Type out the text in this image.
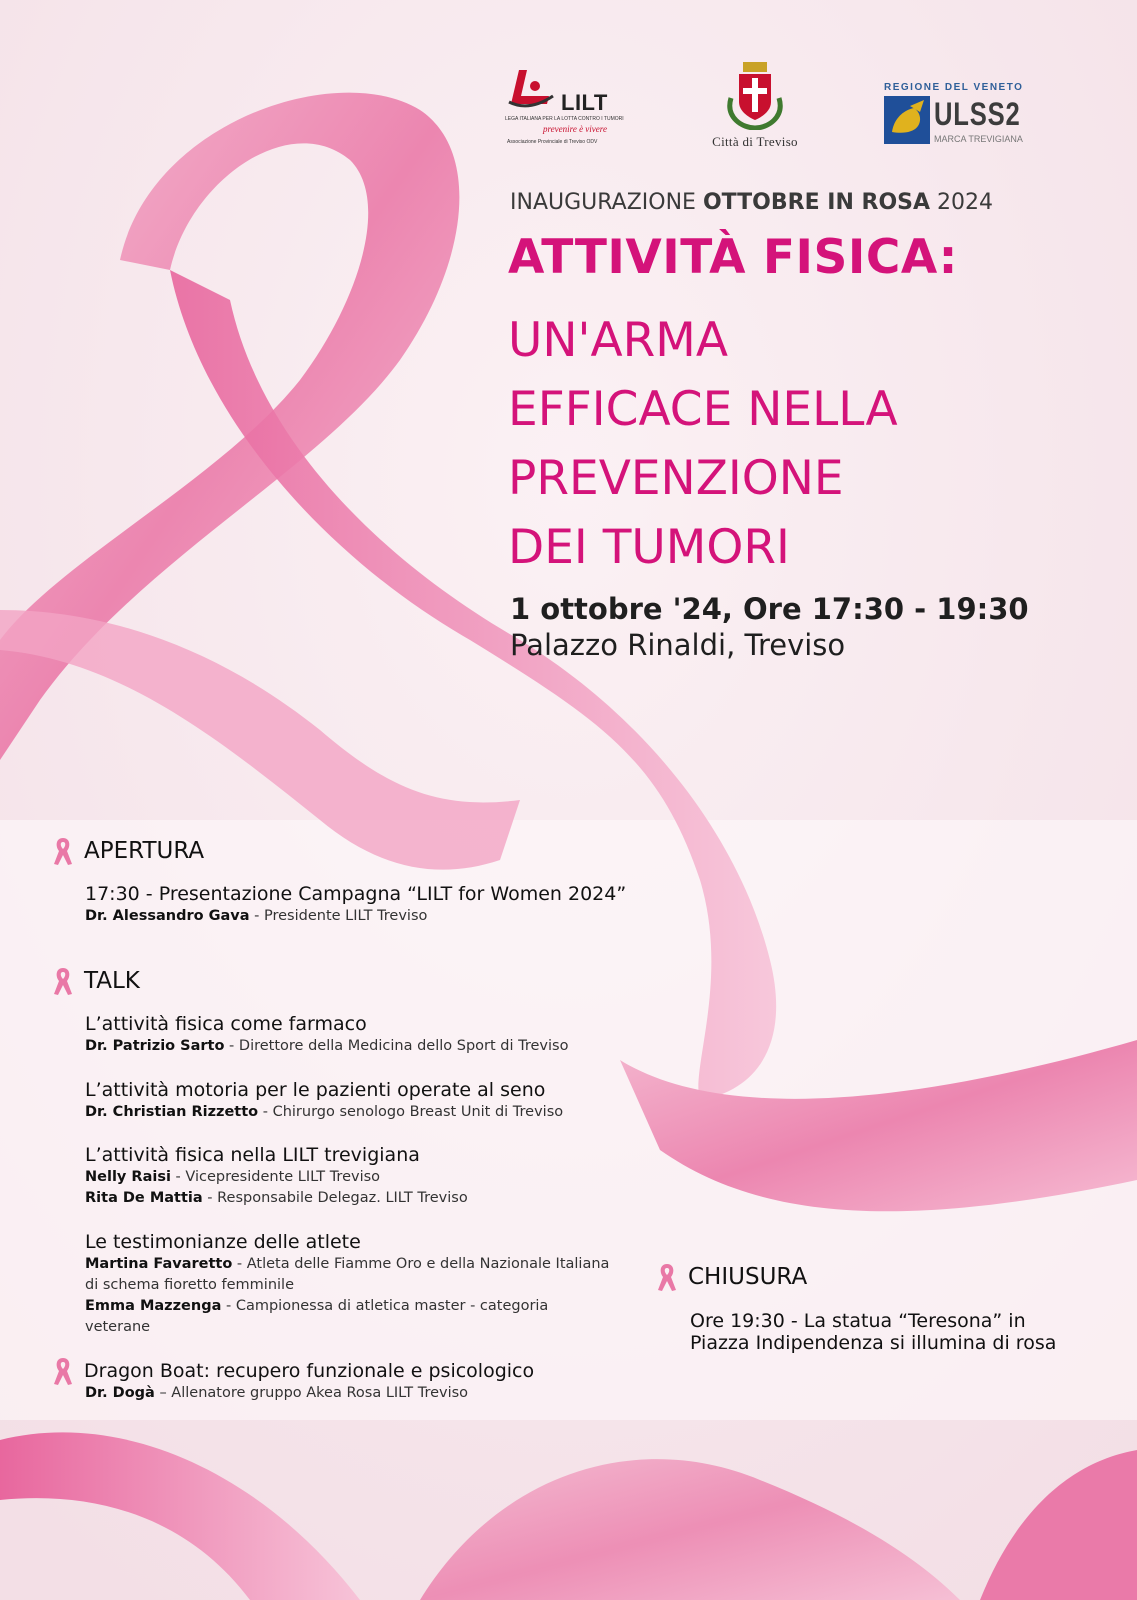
LILT
LEGA ITALIANA PER LA LOTTA CONTRO I TUMORI
prevenire è vivere
Associazione Provinciale di Treviso ODV	Città di Treviso
REGIONE DEL VENETO
ULSS2
MARCA TREVIGIANA
INAUGURAZIONE OTTOBRE IN ROSA 2024
ATTIVITÀ FISICA:
UN'ARMA
EFFICACE NELLA
PREVENZIONE
DEI TUMORI
1 ottobre '24, Ore 17:30 - 19:30
Palazzo Rinaldi, Treviso
APERTURA
17:30 - Presentazione Campagna “LILT for Women 2024”
Dr. Alessandro Gava - Presidente LILT Treviso
TALK
L’attività fisica come farmaco
Dr. Patrizio Sarto - Direttore della Medicina dello Sport di Treviso
L’attività motoria per le pazienti operate al seno
Dr. Christian Rizzetto - Chirurgo senologo Breast Unit di Treviso
L’attività fisica nella LILT trevigiana
Nelly Raisi - Vicepresidente LILT Treviso
Rita De Mattia - Responsabile Delegaz. LILT Treviso
Le testimonianze delle atlete
Martina Favaretto - Atleta delle Fiamme Oro e della Nazionale Italiana di schema fioretto femminile
Emma Mazzenga - Campionessa di atletica master - categoria veterane
Dragon Boat: recupero funzionale e psicologico
Dr. Dogà – Allenatore gruppo Akea Rosa LILT Treviso
CHIUSURA
Ore 19:30 - La statua “Teresona” in Piazza Indipendenza si illumina di rosa
